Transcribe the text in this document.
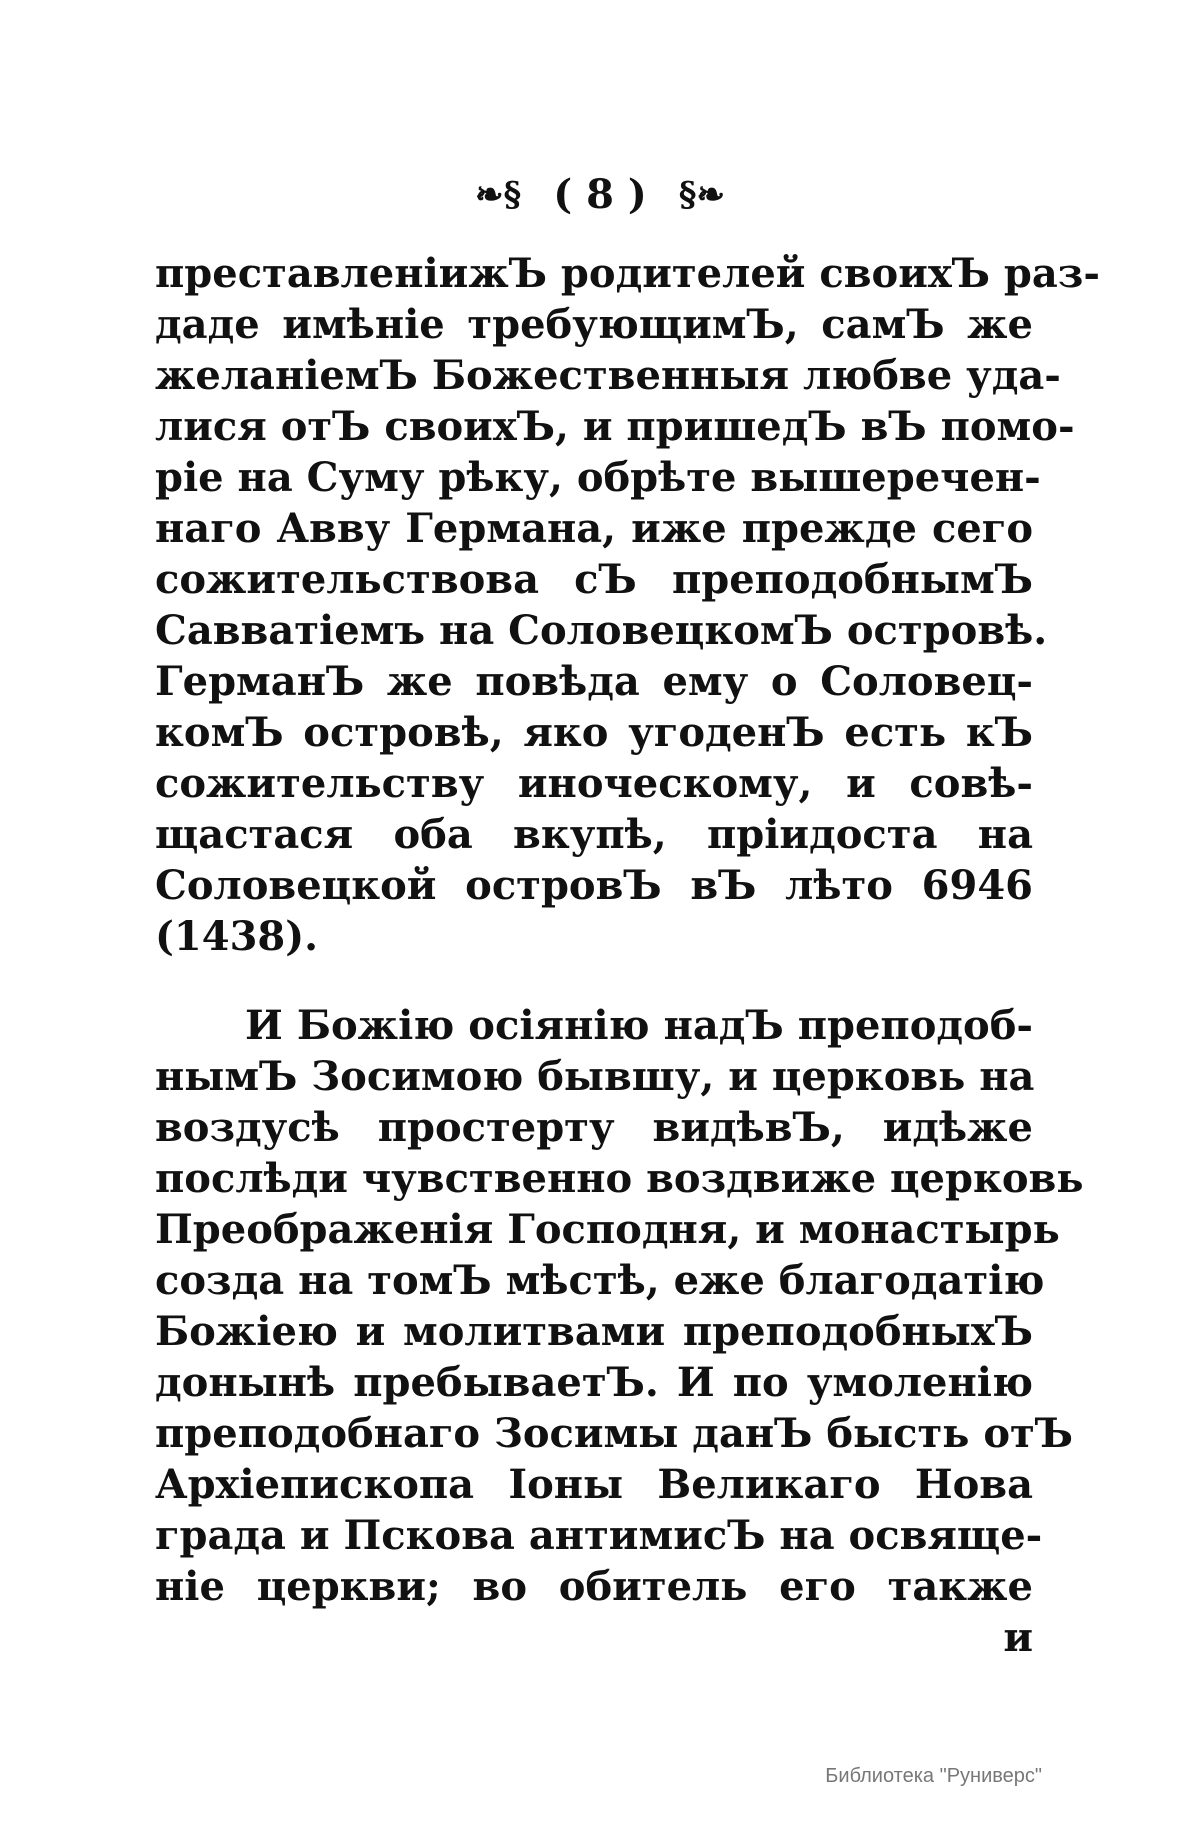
❧§ ( 8 ) §❧
преставленіижЪ родителей своихЪ раз-
даде имѣніе требующимЪ, самЪ же
желаніемЪ Божественныя любве уда-
лися отЪ своихЪ, и пришедЪ вЪ помо-
ріе на Суму рѣку, обрѣте вышеречен-
наго Авву Германа, иже прежде сего
сожительствова сЪ преподобнымЪ
Савватіемъ на СоловецкомЪ островѣ.
ГерманЪ же повѣда ему о Соловец-
комЪ островѣ, яко угоденЪ есть кЪ
сожительству иноческому, и совѣ-
щастася оба вкупѣ, пріидоста на
Соловецкой островЪ вЪ лѣто 6946
(1438).
И Божію осіянію надЪ преподоб-
нымЪ Зосимою бывшу, и церковь на
воздусѣ простерту видѣвЪ, идѣже
послѣди чувственно воздвиже церковь
Преображенія Господня, и монастырь
созда на томЪ мѣстѣ, еже благодатію
Божіею и молитвами преподобныхЪ
донынѣ пребываетЪ. И по умоленію
преподобнаго Зосимы данЪ бысть отЪ
Архіепископа Іоны Великаго Нова
града и Пскова антимисЪ на освяще-
ніе церкви; во обитель его также
и
Библиотека "Руниверс"
